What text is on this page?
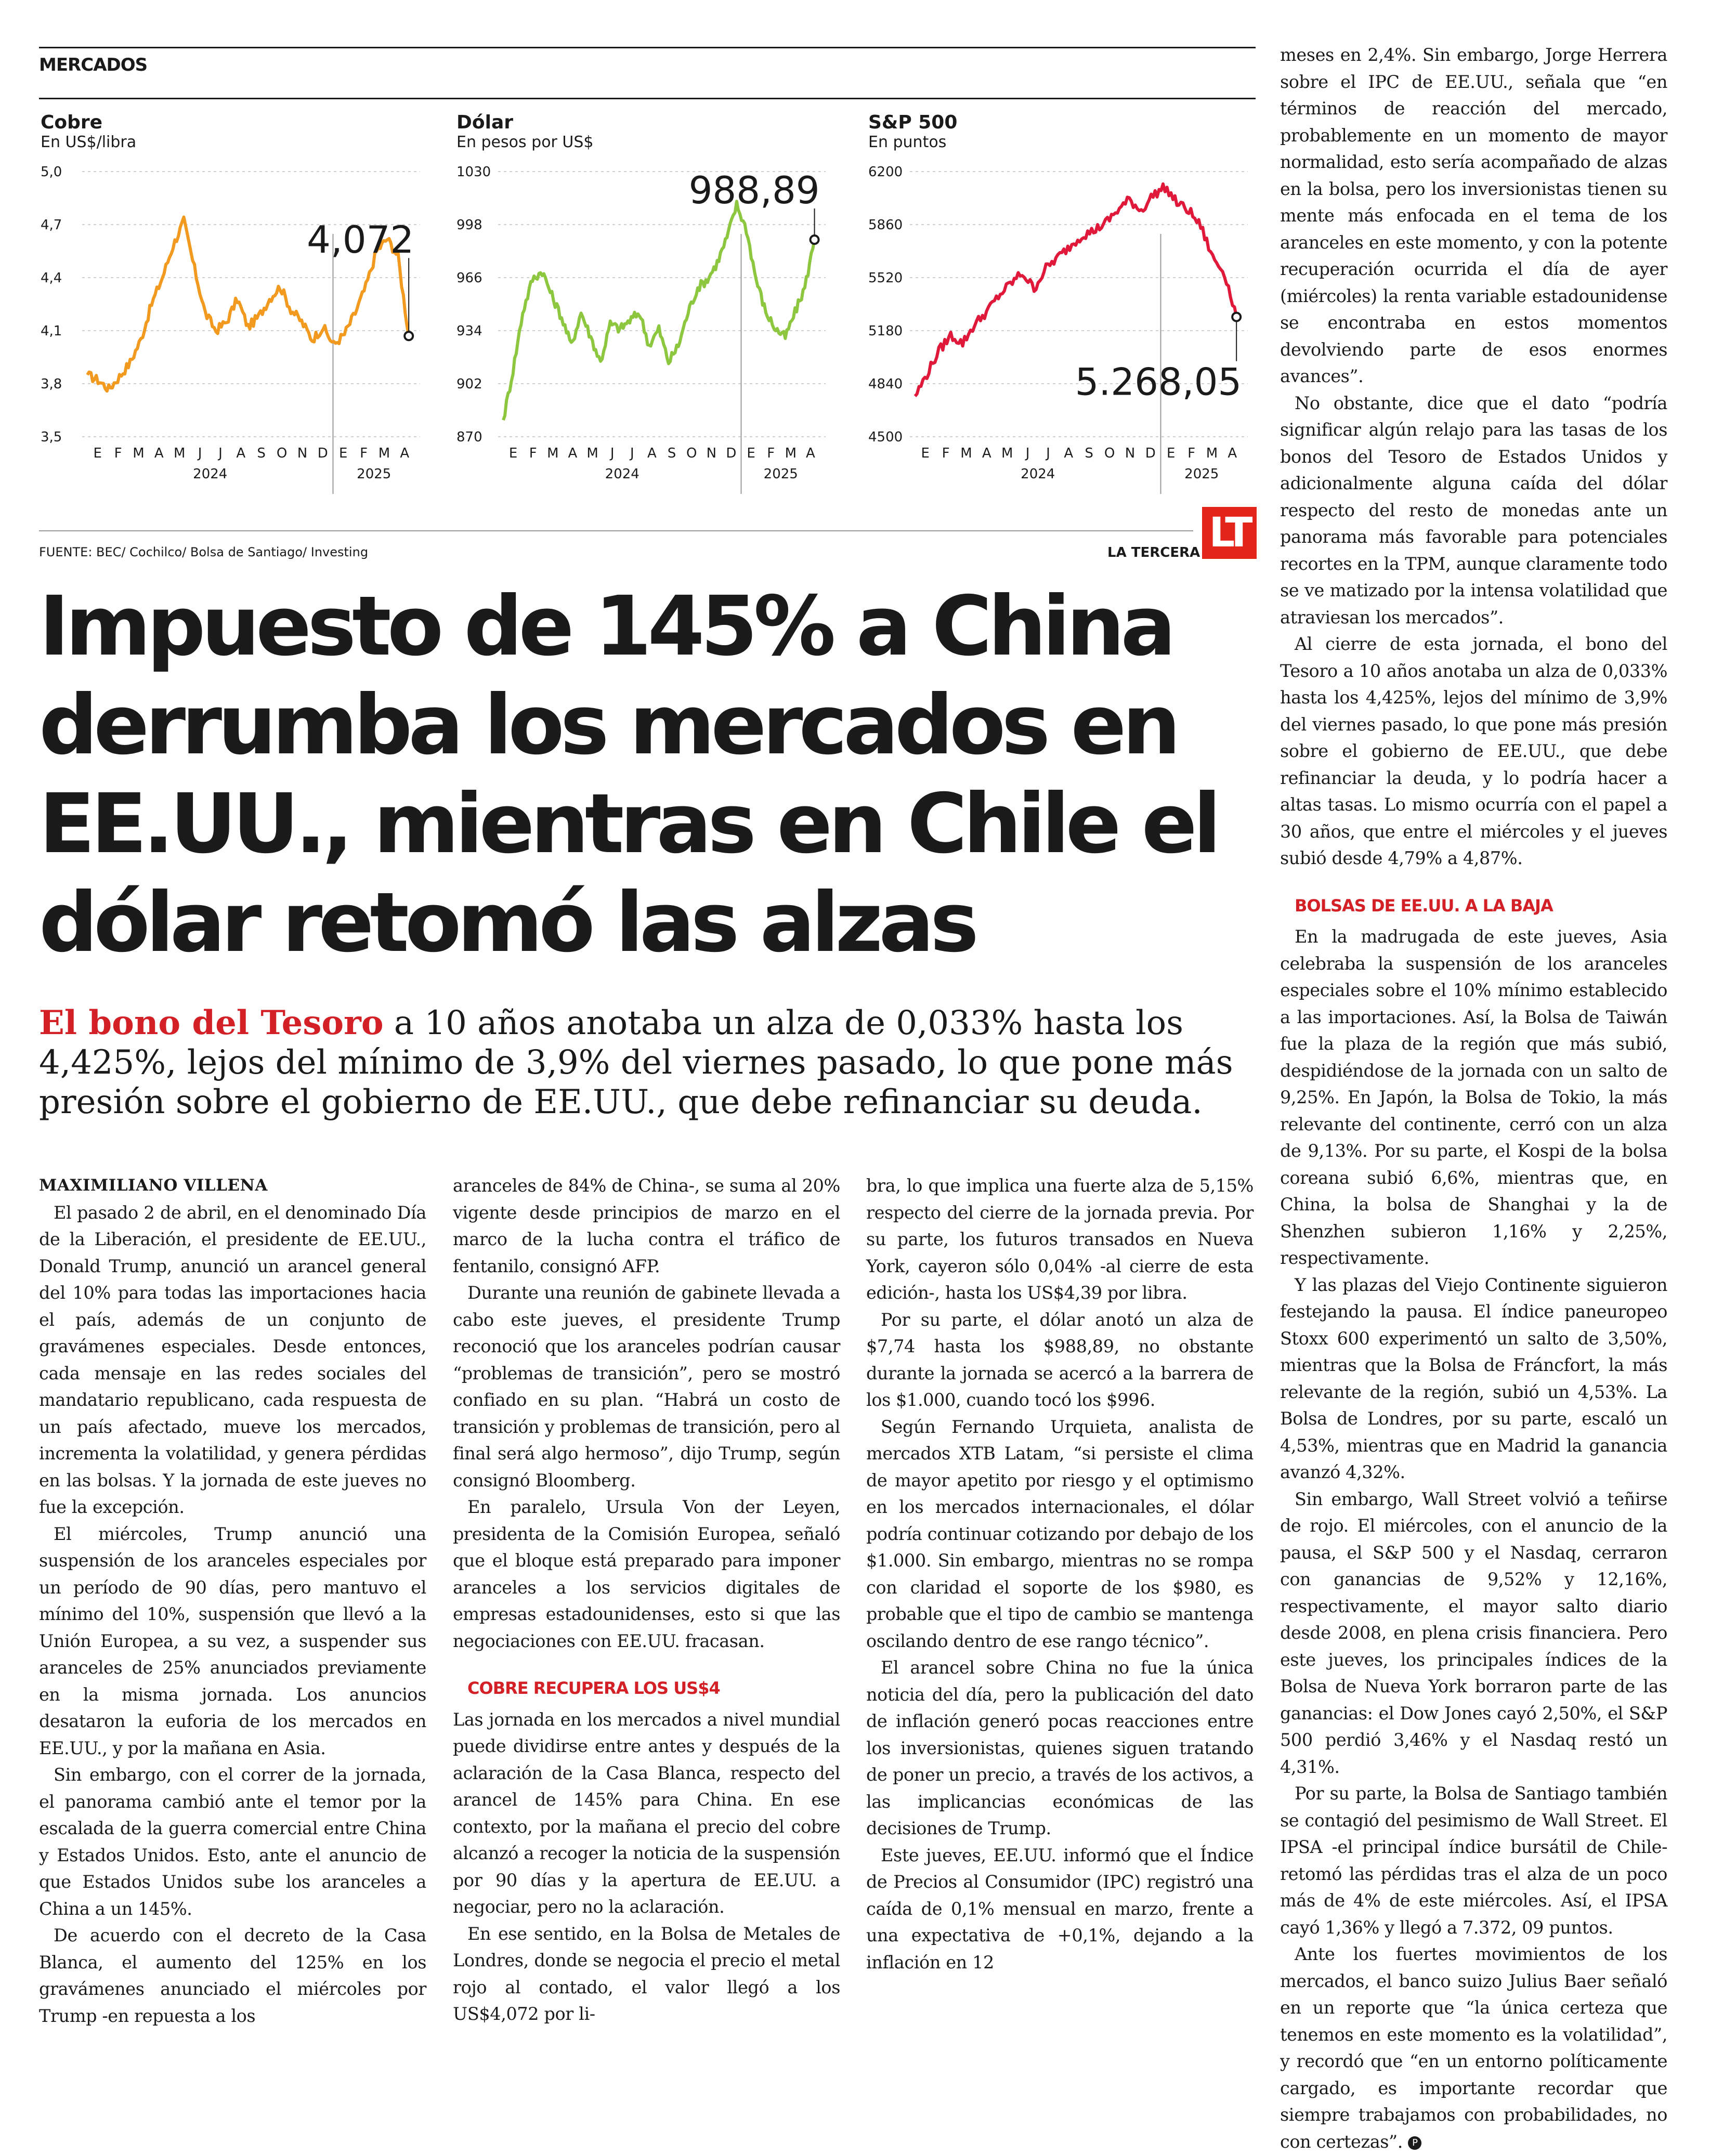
MERCADOS

Cobre

En US$/libra

5,0
4,7
4,4
4,1
3,8
3,5
E F M A M J J A S O N D E F M A
2024	2025
4,072

Dólar

En pesos por US$

1030
998
966
934
902
870
E F M A M J J A S O N D E F M A
2024	2025
988,89

S&P 500

En puntos

6200
5860
5520
5180
4840
4500
E F M A M J J A S O N D E F M A
2024	2025
5.268,05
FUENTE: BEC/ Cochilco/ Bolsa de Santiago/ Investing	LA TERCERA LT
Impuesto de 145% a China derrumba los mercados en EE.UU., mientras en Chile el dólar retomó las alzas

El bono del Tesoro a 10 años anotaba un alza de 0,033% hasta los 4,425%, lejos del mínimo de 3,9% del viernes pasado, lo que pone más presión sobre el gobierno de EE.UU., que debe refinanciar su deuda.

MAXIMILIANO VILLENA

El pasado 2 de abril, en el denominado Día de la Liberación, el presidente de EE.UU., Donald Trump, anunció un arancel general del 10% para todas las importaciones hacia el país, además de un conjunto de gravámenes especiales. Desde entonces, cada mensaje en las redes sociales del mandatario republicano, cada respuesta de un país afectado, mueve los mercados, incrementa la volatilidad, y genera pérdidas en las bolsas. Y la jornada de este jueves no fue la excepción.

El miércoles, Trump anunció una suspensión de los aranceles especiales por un período de 90 días, pero mantuvo el mínimo del 10%, suspensión que llevó a la Unión Europea, a su vez, a suspender sus aranceles de 25% anunciados previamente en la misma jornada. Los anuncios desataron la euforia de los mercados en EE.UU., y por la mañana en Asia.

Sin embargo, con el correr de la jornada, el panorama cambió ante el temor por la escalada de la guerra comercial entre China y Estados Unidos. Esto, ante el anuncio de que Estados Unidos sube los aranceles a China a un 145%.

De acuerdo con el decreto de la Casa Blanca, el aumento del 125% en los gravámenes anunciado el miércoles por Trump -en repuesta a los

aranceles de 84% de China-, se suma al 20% vigente desde principios de marzo en el marco de la lucha contra el tráfico de fentanilo, consignó AFP.

Durante una reunión de gabinete llevada a cabo este jueves, el presidente Trump reconoció que los aranceles podrían causar “problemas de transición”, pero se mostró confiado en su plan. “Habrá un costo de transición y problemas de transición, pero al final será algo hermoso”, dijo Trump, según consignó Bloomberg.

En paralelo, Ursula Von der Leyen, presidenta de la Comisión Europea, señaló que el bloque está preparado para imponer aranceles a los servicios digitales de empresas estadounidenses, esto si que las negociaciones con EE.UU. fracasan.

COBRE RECUPERA LOS US$4

Las jornada en los mercados a nivel mundial puede dividirse entre antes y después de la aclaración de la Casa Blanca, respecto del arancel de 145% para China. En ese contexto, por la mañana el precio del cobre alcanzó a recoger la noticia de la suspensión por 90 días y la apertura de EE.UU. a negociar, pero no la aclaración.

En ese sentido, en la Bolsa de Metales de Londres, donde se negocia el precio el metal rojo al contado, el valor llegó a los US$4,072 por li-

bra, lo que implica una fuerte alza de 5,15% respecto del cierre de la jornada previa. Por su parte, los futuros transados en Nueva York, cayeron sólo 0,04% -al cierre de esta edición-, hasta los US$4,39 por libra.

Por su parte, el dólar anotó un alza de $7,74 hasta los $988,89, no obstante durante la jornada se acercó a la barrera de los $1.000, cuando tocó los $996.

Según Fernando Urquieta, analista de mercados XTB Latam, “si persiste el clima de mayor apetito por riesgo y el optimismo en los mercados internacionales, el dólar podría continuar cotizando por debajo de los $1.000. Sin embargo, mientras no se rompa con claridad el soporte de los $980, es probable que el tipo de cambio se mantenga oscilando dentro de ese rango técnico”.

El arancel sobre China no fue la única noticia del día, pero la publicación del dato de inflación generó pocas reacciones entre los inversionistas, quienes siguen tratando de poner un precio, a través de los activos, a las implicancias económicas de las decisiones de Trump.

Este jueves, EE.UU. informó que el Índice de Precios al Consumidor (IPC) registró una caída de 0,1% mensual en marzo, frente a una expectativa de +0,1%, dejando a la inflación en 12

meses en 2,4%. Sin embargo, Jorge Herrera sobre el IPC de EE.UU., señala que “en términos de reacción del mercado, probablemente en un momento de mayor normalidad, esto sería acompañado de alzas en la bolsa, pero los inversionistas tienen su mente más enfocada en el tema de los aranceles en este momento, y con la potente recuperación ocurrida el día de ayer (miércoles) la renta variable estadounidense se encontraba en estos momentos devolviendo parte de esos enormes avances”.

No obstante, dice que el dato “podría significar algún relajo para las tasas de los bonos del Tesoro de Estados Unidos y adicionalmente alguna caída del dólar respecto del resto de monedas ante un panorama más favorable para potenciales recortes en la TPM, aunque claramente todo se ve matizado por la intensa volatilidad que atraviesan los mercados”.

Al cierre de esta jornada, el bono del Tesoro a 10 años anotaba un alza de 0,033% hasta los 4,425%, lejos del mínimo de 3,9% del viernes pasado, lo que pone más presión sobre el gobierno de EE.UU., que debe refinanciar la deuda, y lo podría hacer a altas tasas. Lo mismo ocurría con el papel a 30 años, que entre el miércoles y el jueves subió desde 4,79% a 4,87%.

BOLSAS DE EE.UU. A LA BAJA

En la madrugada de este jueves, Asia celebraba la suspensión de los aranceles especiales sobre el 10% mínimo establecido a las importaciones. Así, la Bolsa de Taiwán fue la plaza de la región que más subió, despidiéndose de la jornada con un salto de 9,25%. En Japón, la Bolsa de Tokio, la más relevante del continente, cerró con un alza de 9,13%. Por su parte, el Kospi de la bolsa coreana subió 6,6%, mientras que, en China, la bolsa de Shanghai y la de Shenzhen subieron 1,16% y 2,25%, respectivamente.

Y las plazas del Viejo Continente siguieron festejando la pausa. El índice paneuropeo Stoxx 600 experimentó un salto de 3,50%, mientras que la Bolsa de Fráncfort, la más relevante de la región, subió un 4,53%. La Bolsa de Londres, por su parte, escaló un 4,53%, mientras que en Madrid la ganancia avanzó 4,32%.

Sin embargo, Wall Street volvió a teñirse de rojo. El miércoles, con el anuncio de la pausa, el S&P 500 y el Nasdaq, cerraron con ganancias de 9,52% y 12,16%, respectivamente, el mayor salto diario desde 2008, en plena crisis financiera. Pero este jueves, los principales índices de la Bolsa de Nueva York borraron parte de las ganancias: el Dow Jones cayó 2,50%, el S&P 500 perdió 3,46% y el Nasdaq restó un 4,31%.

Por su parte, la Bolsa de Santiago también se contagió del pesimismo de Wall Street. El IPSA -el principal índice bursátil de Chile- retomó las pérdidas tras el alza de un poco más de 4% de este miércoles. Así, el IPSA cayó 1,36% y llegó a 7.372, 09 puntos.

Ante los fuertes movimientos de los mercados, el banco suizo Julius Baer señaló en un reporte que “la única certeza que tenemos en este momento es la volatilidad”, y recordó que “en un entorno políticamente cargado, es importante recordar que siempre trabajamos con probabilidades, no con certezas”. P
